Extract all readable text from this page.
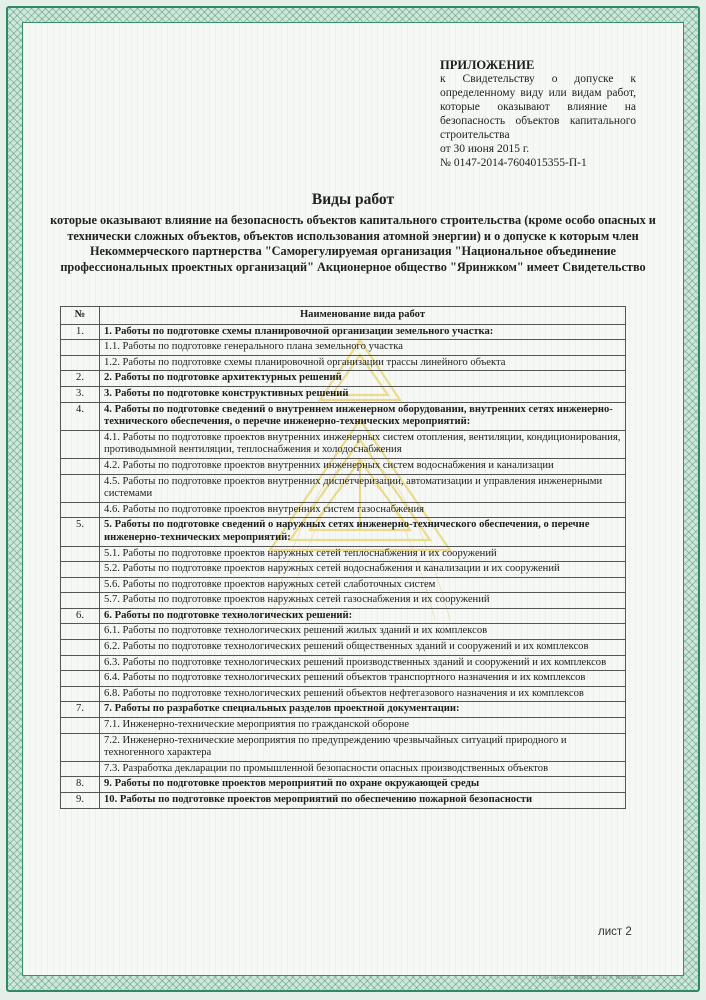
ПРИЛОЖЕНИЕ
к Свидетельству о допуске к определенному виду или видам работ, которые оказывают влияние на безопасность объектов капитального строительства
от 30 июня 2015 г.
№ 0147-2014-7604015355-П-1
Виды работ
которые оказывают влияние на безопасность объектов капитального строительства (кроме особо опасных и технически сложных объектов, объектов использования атомной энергии) и о допуске к которым член Некоммерческого партнерства "Саморегулируемая организация "Национальное объединение профессиональных проектных организаций" Акционерное общество "Яринжком" имеет Свидетельство
№	Наименование вида работ
1.	1. Работы по подготовке схемы планировочной организации земельного участка:
	1.1. Работы по подготовке генерального плана земельного участка
	1.2. Работы по подготовке схемы планировочной организации трассы линейного объекта
2.	2. Работы по подготовке архитектурных решений
3.	3. Работы по подготовке конструктивных решений
4.	4. Работы по подготовке сведений о внутреннем инженерном оборудовании, внутренних сетях инженерно-технического обеспечения, о перечне инженерно-технических мероприятий:
	4.1. Работы по подготовке проектов внутренних инженерных систем отопления, вентиляции, кондиционирования, противодымной вентиляции, теплоснабжения и холодоснабжения
	4.2. Работы по подготовке проектов внутренних инженерных систем водоснабжения и канализации
	4.5. Работы по подготовке проектов внутренних диспетчеризации, автоматизации и управления инженерными системами
	4.6. Работы по подготовке проектов внутренних систем газоснабжения
5.	5. Работы по подготовке сведений о наружных сетях инженерно-технического обеспечения, о перечне инженерно-технических мероприятий:
	5.1. Работы по подготовке проектов наружных сетей теплоснабжения и их сооружений
	5.2. Работы по подготовке проектов наружных сетей водоснабжения и канализации и их сооружений
	5.6. Работы по подготовке проектов наружных сетей слаботочных систем
	5.7. Работы по подготовке проектов наружных сетей газоснабжения и их сооружений
6.	6. Работы по подготовке технологических решений:
	6.1. Работы по подготовке технологических решений жилых зданий и их комплексов
	6.2. Работы по подготовке технологических решений общественных зданий и сооружений и их комплексов
	6.3. Работы по подготовке технологических решений производственных зданий и сооружений и их комплексов
	6.4. Работы по подготовке технологических решений объектов транспортного назначения и их комплексов
	6.8. Работы по подготовке технологических решений объектов нефтегазового назначения и их комплексов
7.	7. Работы по разработке специальных разделов проектной документации:
	7.1. Инженерно-технические мероприятия по гражданской обороне
	7.2. Инженерно-технические мероприятия по предупреждению чрезвычайных ситуаций природного и техногенного характера
	7.3. Разработка декларации по промышленной безопасности опасных производственных объектов
8.	9. Работы по подготовке проектов мероприятий по охране окружающей среды
9.	10. Работы по подготовке проектов мероприятий по обеспечению пожарной безопасности
лист 2
ООО «ЗНАК», Москва, 2012 г., тел. 8-800...
